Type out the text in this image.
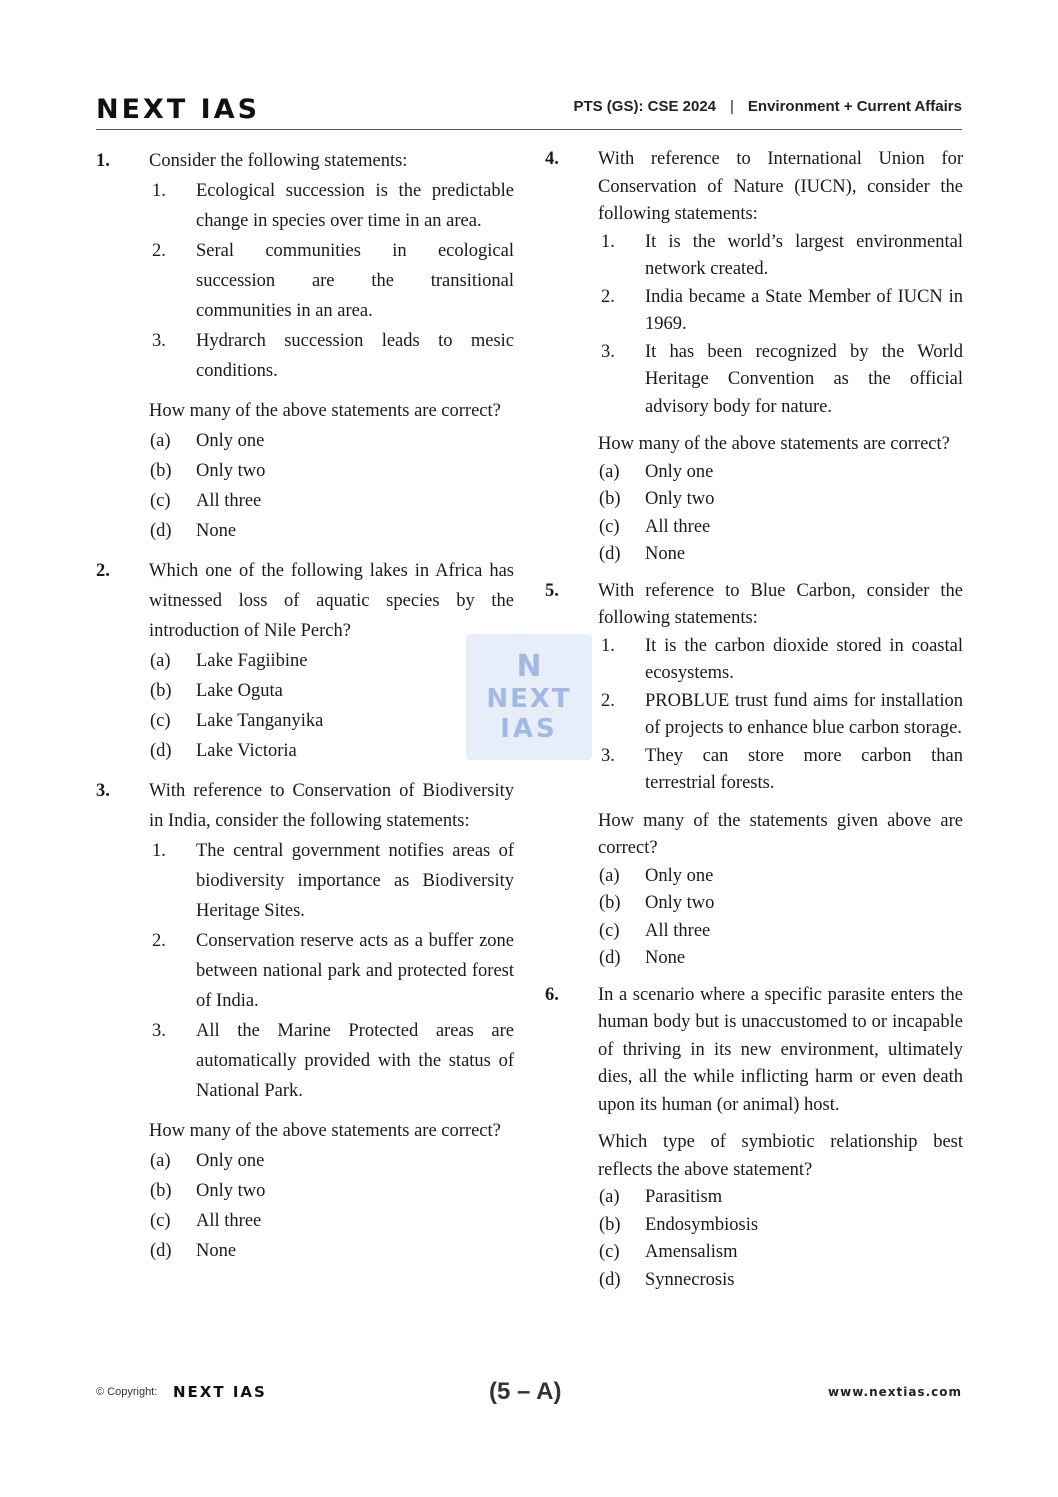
NEXT IAS	PTS (GS): CSE 2024 | Environment + Current Affairs
1. Consider the following statements:
1. Ecological succession is the predictable change in species over time in an area.
2. Seral communities in ecological succession are the transitional communities in an area.
3. Hydrarch succession leads to mesic conditions.
How many of the above statements are correct?
(a) Only one
(b) Only two
(c) All three
(d) None
2. Which one of the following lakes in Africa has witnessed loss of aquatic species by the introduction of Nile Perch?
(a) Lake Fagiibine
(b) Lake Oguta
(c) Lake Tanganyika
(d) Lake Victoria
3. With reference to Conservation of Biodiversity in India, consider the following statements:
1. The central government notifies areas of biodiversity importance as Biodiversity Heritage Sites.
2. Conservation reserve acts as a buffer zone between national park and protected forest of India.
3. All the Marine Protected areas are automatically provided with the status of National Park.
How many of the above statements are correct?
(a) Only one
(b) Only two
(c) All three
(d) None
4. With reference to International Union for Conservation of Nature (IUCN), consider the following statements:
1. It is the world’s largest environmental network created.
2. India became a State Member of IUCN in 1969.
3. It has been recognized by the World Heritage Convention as the official advisory body for nature.
How many of the above statements are correct?
(a) Only one
(b) Only two
(c) All three
(d) None
5. With reference to Blue Carbon, consider the following statements:
1. It is the carbon dioxide stored in coastal ecosystems.
2. PROBLUE trust fund aims for installation of projects to enhance blue carbon storage.
3. They can store more carbon than terrestrial forests.
How many of the statements given above are correct?
(a) Only one
(b) Only two
(c) All three
(d) None
6. In a scenario where a specific parasite enters the human body but is unaccustomed to or incapable of thriving in its new environment, ultimately dies, all the while inflicting harm or even death upon its human (or animal) host.
Which type of symbiotic relationship best reflects the above statement?
(a) Parasitism
(b) Endosymbiosis
(c) Amensalism
(d) Synnecrosis
N
NEXT
IAS
© Copyright: NEXT IAS	(5 – A)	www.nextias.com
